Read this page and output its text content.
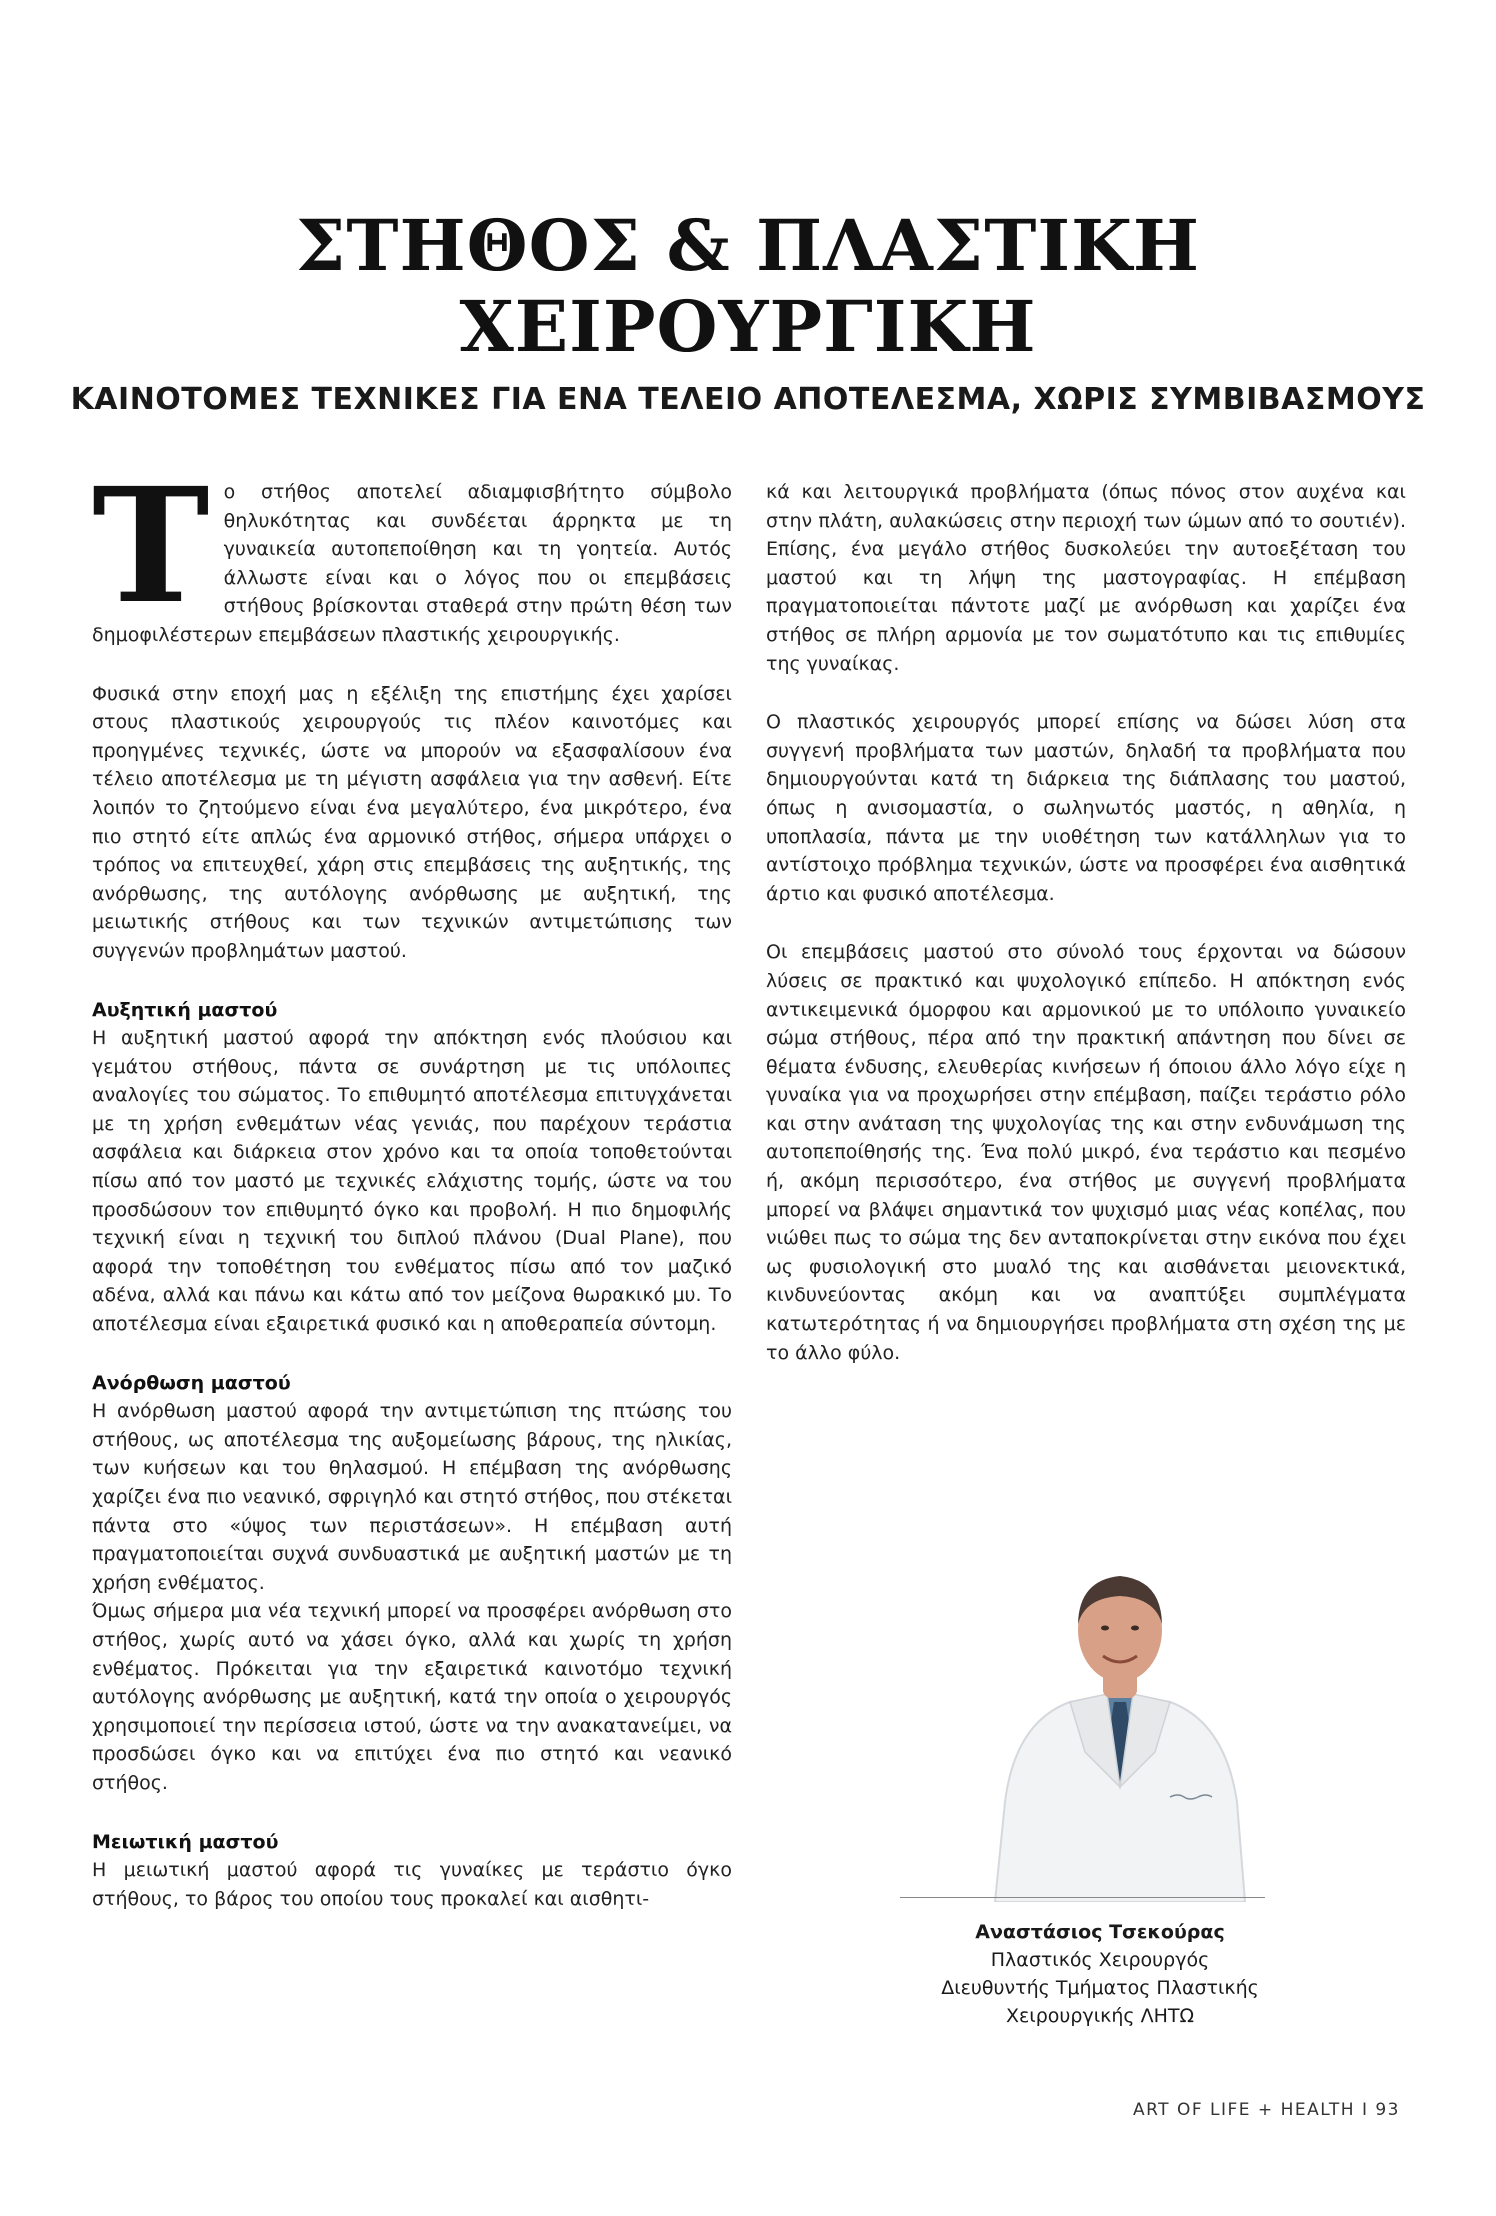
ΣΤΗΘΟΣ & ΠΛΑΣΤΙΚΗ
ΧΕΙΡΟΥΡΓΙΚΗ
ΚΑΙΝΟΤΟΜΕΣ ΤΕΧΝΙΚΕΣ ΓΙΑ ΕΝΑ ΤΕΛΕΙΟ ΑΠΟΤΕΛΕΣΜΑ, ΧΩΡΙΣ ΣΥΜΒΙΒΑΣΜΟΥΣ

Το στήθος αποτελεί αδιαμφισβήτητο σύμβολο θηλυκότητας και συνδέεται άρρηκτα με τη γυναικεία αυτοπεποίθηση και τη γοητεία. Αυτός άλλωστε είναι και ο λόγος που οι επεμβάσεις στήθους βρίσκονται σταθερά στην πρώτη θέση των δημοφιλέστερων επεμβάσεων πλαστικής χειρουργικής.

Φυσικά στην εποχή μας η εξέλιξη της επιστήμης έχει χαρίσει στους πλαστικούς χειρουργούς τις πλέον καινοτόμες και προηγμένες τεχνικές, ώστε να μπορούν να εξασφαλίσουν ένα τέλειο αποτέλεσμα με τη μέγιστη ασφάλεια για την ασθενή. Είτε λοιπόν το ζητούμενο είναι ένα μεγαλύτερο, ένα μικρότερο, ένα πιο στητό είτε απλώς ένα αρμονικό στήθος, σήμερα υπάρχει ο τρόπος να επιτευχθεί, χάρη στις επεμβάσεις της αυξητικής, της ανόρθωσης, της αυτόλογης ανόρθωσης με αυξητική, της μειωτικής στήθους και των τεχνικών αντιμετώπισης των συγγενών προβλημάτων μαστού.

Αυξητική μαστού

Η αυξητική μαστού αφορά την απόκτηση ενός πλούσιου και γεμάτου στήθους, πάντα σε συνάρτηση με τις υπόλοιπες αναλογίες του σώματος. Το επιθυμητό αποτέλεσμα επιτυγχάνεται με τη χρήση ενθεμάτων νέας γενιάς, που παρέχουν τεράστια ασφάλεια και διάρκεια στον χρόνο και τα οποία τοποθετούνται πίσω από τον μαστό με τεχνικές ελάχιστης τομής, ώστε να του προσδώσουν τον επιθυμητό όγκο και προβολή. Η πιο δημοφιλής τεχνική είναι η τεχνική του διπλού πλάνου (Dual Plane), που αφορά την τοποθέτηση του ενθέματος πίσω από τον μαζικό αδένα, αλλά και πάνω και κάτω από τον μείζονα θωρακικό μυ. Το αποτέλεσμα είναι εξαιρετικά φυσικό και η αποθεραπεία σύντομη.

Ανόρθωση μαστού

Η ανόρθωση μαστού αφορά την αντιμετώπιση της πτώσης του στήθους, ως αποτέλεσμα της αυξομείωσης βάρους, της ηλικίας, των κυήσεων και του θηλασμού. Η επέμβαση της ανόρθωσης χαρίζει ένα πιο νεανικό, σφριγηλό και στητό στήθος, που στέκεται πάντα στο «ύψος των περιστάσεων». Η επέμβαση αυτή πραγματοποιείται συχνά συνδυαστικά με αυξητική μαστών με τη χρήση ενθέματος.

Όμως σήμερα μια νέα τεχνική μπορεί να προσφέρει ανόρθωση στο στήθος, χωρίς αυτό να χάσει όγκο, αλλά και χωρίς τη χρήση ενθέματος. Πρόκειται για την εξαιρετικά καινοτόμο τεχνική αυτόλογης ανόρθωσης με αυξητική, κατά την οποία ο χειρουργός χρησιμοποιεί την περίσσεια ιστού, ώστε να την ανακατανείμει, να προσδώσει όγκο και να επιτύχει ένα πιο στητό και νεανικό στήθος.

Μειωτική μαστού

Η μειωτική μαστού αφορά τις γυναίκες με τεράστιο όγκο στήθους, το βάρος του οποίου τους προκαλεί και αισθητι-

κά και λειτουργικά προβλήματα (όπως πόνος στον αυχένα και στην πλάτη, αυλακώσεις στην περιοχή των ώμων από το σουτιέν). Επίσης, ένα μεγάλο στήθος δυσκολεύει την αυτοεξέταση του μαστού και τη λήψη της μαστογραφίας. Η επέμβαση πραγματοποιείται πάντοτε μαζί με ανόρθωση και χαρίζει ένα στήθος σε πλήρη αρμονία με τον σωματότυπο και τις επιθυμίες της γυναίκας.

Ο πλαστικός χειρουργός μπορεί επίσης να δώσει λύση στα συγγενή προβλήματα των μαστών, δηλαδή τα προβλήματα που δημιουργούνται κατά τη διάρκεια της διάπλασης του μαστού, όπως η ανισομαστία, ο σωληνωτός μαστός, η αθηλία, η υποπλασία, πάντα με την υιοθέτηση των κατάλληλων για το αντίστοιχο πρόβλημα τεχνικών, ώστε να προσφέρει ένα αισθητικά άρτιο και φυσικό αποτέλεσμα.

Οι επεμβάσεις μαστού στο σύνολό τους έρχονται να δώσουν λύσεις σε πρακτικό και ψυχολογικό επίπεδο. Η απόκτηση ενός αντικειμενικά όμορφου και αρμονικού με το υπόλοιπο γυναικείο σώμα στήθους, πέρα από την πρακτική απάντηση που δίνει σε θέματα ένδυσης, ελευθερίας κινήσεων ή όποιου άλλο λόγο είχε η γυναίκα για να προχωρήσει στην επέμβαση, παίζει τεράστιο ρόλο και στην ανάταση της ψυχολογίας της και στην ενδυνάμωση της αυτοπεποίθησής της. Ένα πολύ μικρό, ένα τεράστιο και πεσμένο ή, ακόμη περισσότερο, ένα στήθος με συγγενή προβλήματα μπορεί να βλάψει σημαντικά τον ψυχισμό μιας νέας κοπέλας, που νιώθει πως το σώμα της δεν ανταποκρίνεται στην εικόνα που έχει ως φυσιολογική στο μυαλό της και αισθάνεται μειονεκτικά, κινδυνεύοντας ακόμη και να αναπτύξει συμπλέγματα κατωτερότητας ή να δημιουργήσει προβλήματα στη σχέση της με το άλλο φύλο.

Αναστάσιος Τσεκούρας
Πλαστικός Χειρουργός
Διευθυντής Τμήματος Πλαστικής
Χειρουργικής ΛΗΤΩ
ART OF LIFE + HEALTH I 93
